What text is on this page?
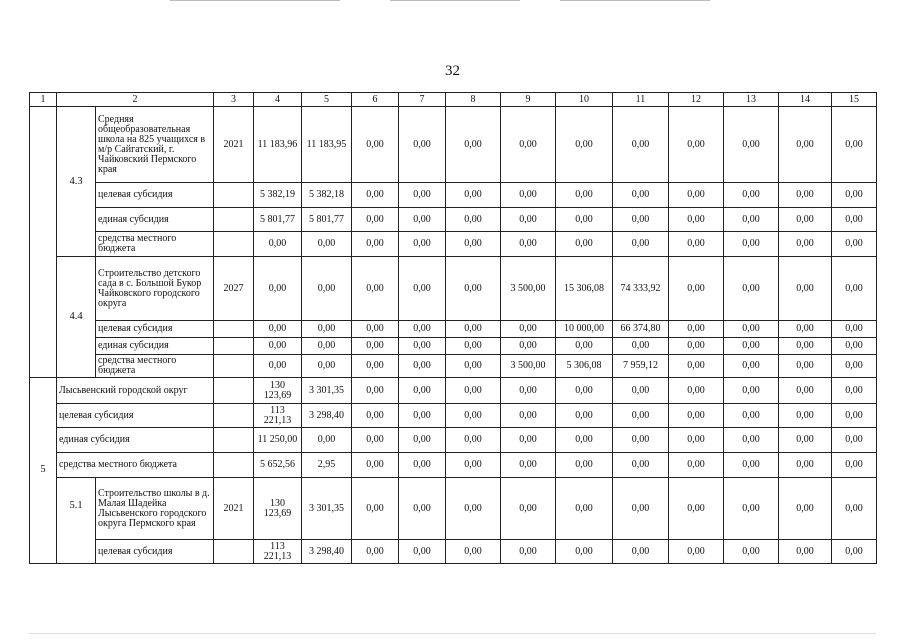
32
1	2		3	4	5	6	7	8	9	10	11	12	13	14	15
	4.3	Средняя общеобразовательная школа на 825 учащихся в м/р Сайгатский, г. Чайковский Пермского края	2021	11 183,96	11 183,95	0,00	0,00	0,00	0,00	0,00	0,00	0,00	0,00	0,00	0,00
		целевая субсидия		5 382,19	5 382,18	0,00	0,00	0,00	0,00	0,00	0,00	0,00	0,00	0,00	0,00
		единая субсидия		5 801,77	5 801,77	0,00	0,00	0,00	0,00	0,00	0,00	0,00	0,00	0,00	0,00
		средства местного бюджета		0,00	0,00	0,00	0,00	0,00	0,00	0,00	0,00	0,00	0,00	0,00	0,00
	4.4	Строительство детского сада в с. Большой Букор Чайковского городского округа	2027	0,00	0,00	0,00	0,00	0,00	3 500,00	15 306,08	74 333,92	0,00	0,00	0,00	0,00
		целевая субсидия		0,00	0,00	0,00	0,00	0,00	0,00	10 000,00	66 374,80	0,00	0,00	0,00	0,00
		единая субсидия		0,00	0,00	0,00	0,00	0,00	0,00	0,00	0,00	0,00	0,00	0,00	0,00
		средства местного бюджета		0,00	0,00	0,00	0,00	0,00	3 500,00	5 306,08	7 959,12	0,00	0,00	0,00	0,00
5	Лысьвенский городской округ			130 123,69	3 301,35	0,00	0,00	0,00	0,00	0,00	0,00	0,00	0,00	0,00	0,00
	целевая субсидия			113 221,13	3 298,40	0,00	0,00	0,00	0,00	0,00	0,00	0,00	0,00	0,00	0,00
	единая субсидия			11 250,00	0,00	0,00	0,00	0,00	0,00	0,00	0,00	0,00	0,00	0,00	0,00
	средства местного бюджета			5 652,56	2,95	0,00	0,00	0,00	0,00	0,00	0,00	0,00	0,00	0,00	0,00
	5.1	Строительство школы в д. Малая Шадейка Лысьвенского городского округа Пермского края	2021	130 123,69	3 301,35	0,00	0,00	0,00	0,00	0,00	0,00	0,00	0,00	0,00	0,00
		целевая субсидия		113 221,13	3 298,40	0,00	0,00	0,00	0,00	0,00	0,00	0,00	0,00	0,00	0,00
